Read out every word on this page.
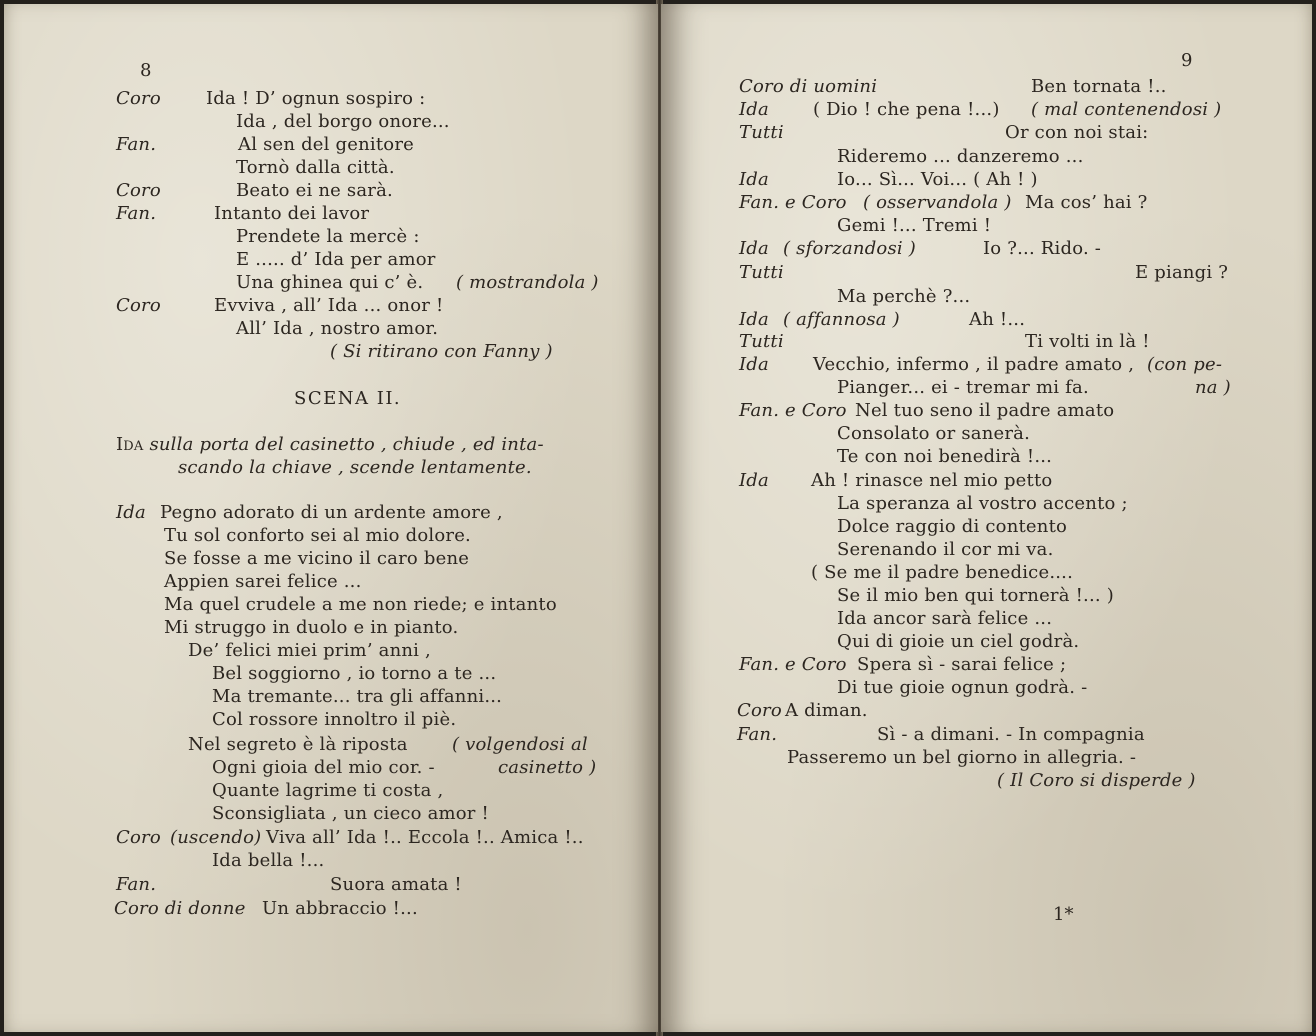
8
Coro	Ida ! D’ ognun sospiro :
Ida , del borgo onore...
Fan.	Al sen del genitore
Tornò dalla città.
Coro	Beato ei ne sarà.
Fan.	Intanto dei lavor
Prendete la mercè :
E ..... d’ Ida per amor
Una ghinea qui c’ è. ( mostrandola )
Coro	Evviva , all’ Ida ... onor !
All’ Ida , nostro amor.
( Si ritirano con Fanny )
SCENA II.
Ida sulla porta del casinetto , chiude , ed inta-
scando la chiave , scende lentamente.
Ida Pegno adorato di un ardente amore ,
Tu sol conforto sei al mio dolore.
Se fosse a me vicino il caro bene
Appien sarei felice ...
Ma quel crudele a me non riede; e intanto
Mi struggo in duolo e in pianto.
De’ felici miei prim’ anni ,
Bel soggiorno , io torno a te ...
Ma tremante... tra gli affanni...
Col rossore innoltro il piè.
Nel segreto è là riposta ( volgendosi al
Ogni gioia del mio cor. -	casinetto )
Quante lagrime ti costa ,
Sconsigliata , un cieco amor !
Coro (uscendo) Viva all’ Ida !.. Eccola !.. Amica !..
Ida bella !...
Fan.	Suora amata !
Coro di donne Un abbraccio !...
9
Coro di uomini	Ben tornata !..
Ida ( Dio ! che pena !...) ( mal contenendosi )
Tutti	Or con noi stai:
Rideremo ... danzeremo ...
Ida	Io... Sì... Voi... ( Ah ! )
Fan. e Coro ( osservandola ) Ma cos’ hai ?
Gemi !... Tremi !
Ida ( sforzandosi )	Io ?... Rido. -
Tutti	E piangi ?
Ma perchè ?...
Ida ( affannosa )	Ah !...
Tutti	Ti volti in là !
Ida Vecchio, infermo , il padre amato , (con pe-
Pianger... ei - tremar mi fa.	na )
Fan. e Coro Nel tuo seno il padre amato
Consolato or sanerà.
Te con noi benedirà !...
Ida Ah ! rinasce nel mio petto
La speranza al vostro accento ;
Dolce raggio di contento
Serenando il cor mi va.
( Se me il padre benedice....
Se il mio ben qui tornerà !... )
Ida ancor sarà felice ...
Qui di gioie un ciel godrà.
Fan. e Coro Spera sì - sarai felice ;
Di tue gioie ognun godrà. -
Coro A diman.
Fan.	Sì - a dimani. - In compagnia
Passeremo un bel giorno in allegria. -
( Il Coro si disperde )
1*
